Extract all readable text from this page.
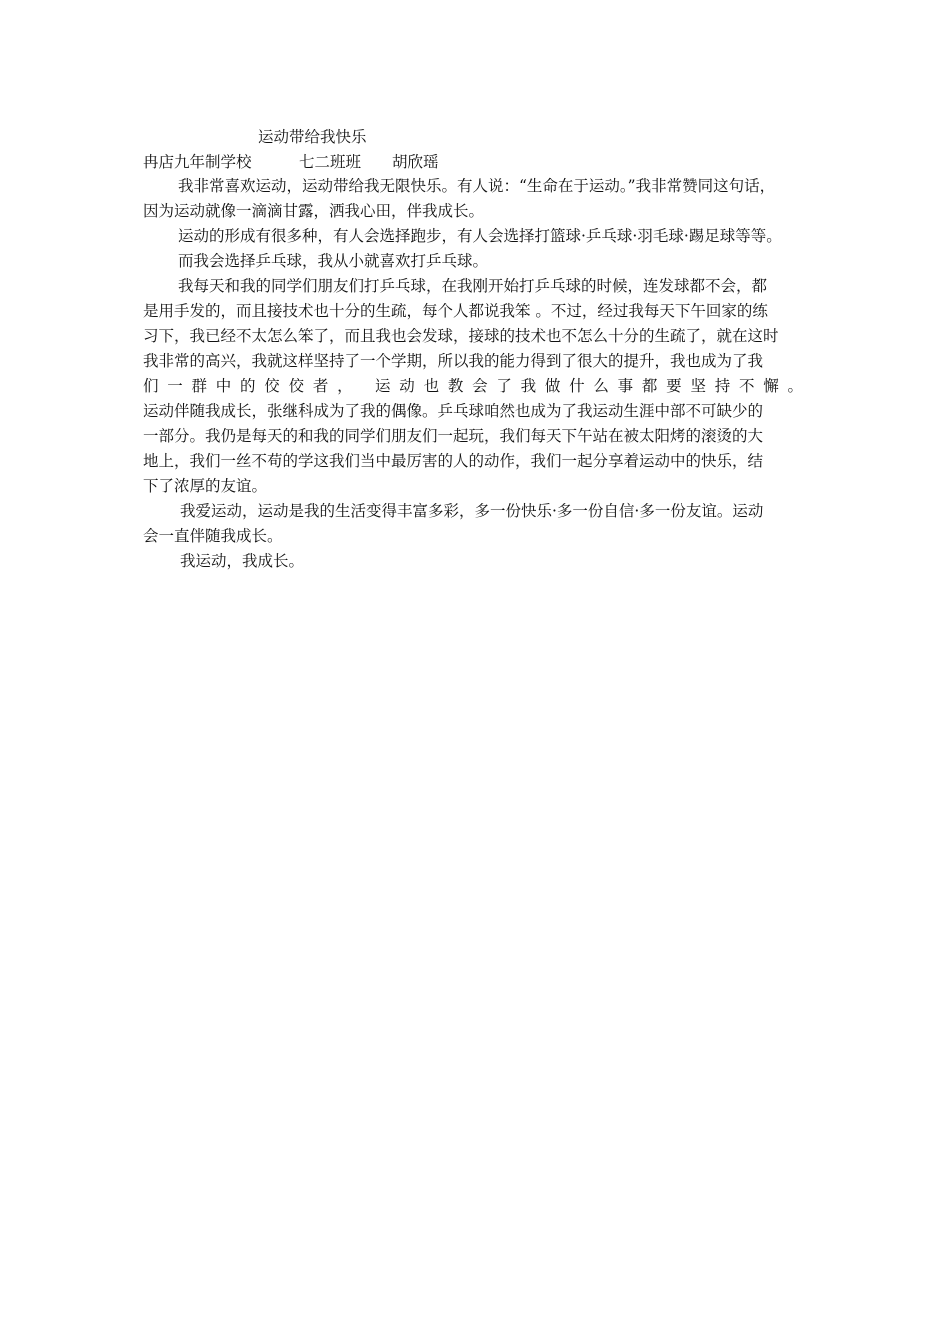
运动带给我快乐
冉店九年制学校	七二班班 胡欣瑶
我非常喜欢运动，运动带给我无限快乐。有人说：“生命在于运动。”我非常赞同这句话，
因为运动就像一滴滴甘露，洒我心田，伴我成长。
运动的形成有很多种，有人会选择跑步，有人会选择打篮球·乒乓球·羽毛球·踢足球等等。
而我会选择乒乓球，我从小就喜欢打乒乓球。
我每天和我的同学们朋友们打乒乓球，在我刚开始打乒乓球的时候，连发球都不会，都
是用手发的，而且接技术也十分的生疏，每个人都说我笨 。不过，经过我每天下午回家的练
习下，我已经不太怎么笨了，而且我也会发球，接球的技术也不怎么十分的生疏了，就在这时
我非常的高兴，我就这样坚持了一个学期，所以我的能力得到了很大的提升，我也成为了我
们一群中的佼佼者， 运动也教会了我做什么事都要坚持不懈。
运动伴随我成长，张继科成为了我的偶像。乒乓球咱然也成为了我运动生涯中部不可缺少的
一部分。我仍是每天的和我的同学们朋友们一起玩，我们每天下午站在被太阳烤的滚烫的大
地上，我们一丝不苟的学这我们当中最厉害的人的动作，我们一起分享着运动中的快乐，结
下了浓厚的友谊。
我爱运动，运动是我的生活变得丰富多彩，多一份快乐·多一份自信·多一份友谊。运动
会一直伴随我成长。
我运动，我成长。
